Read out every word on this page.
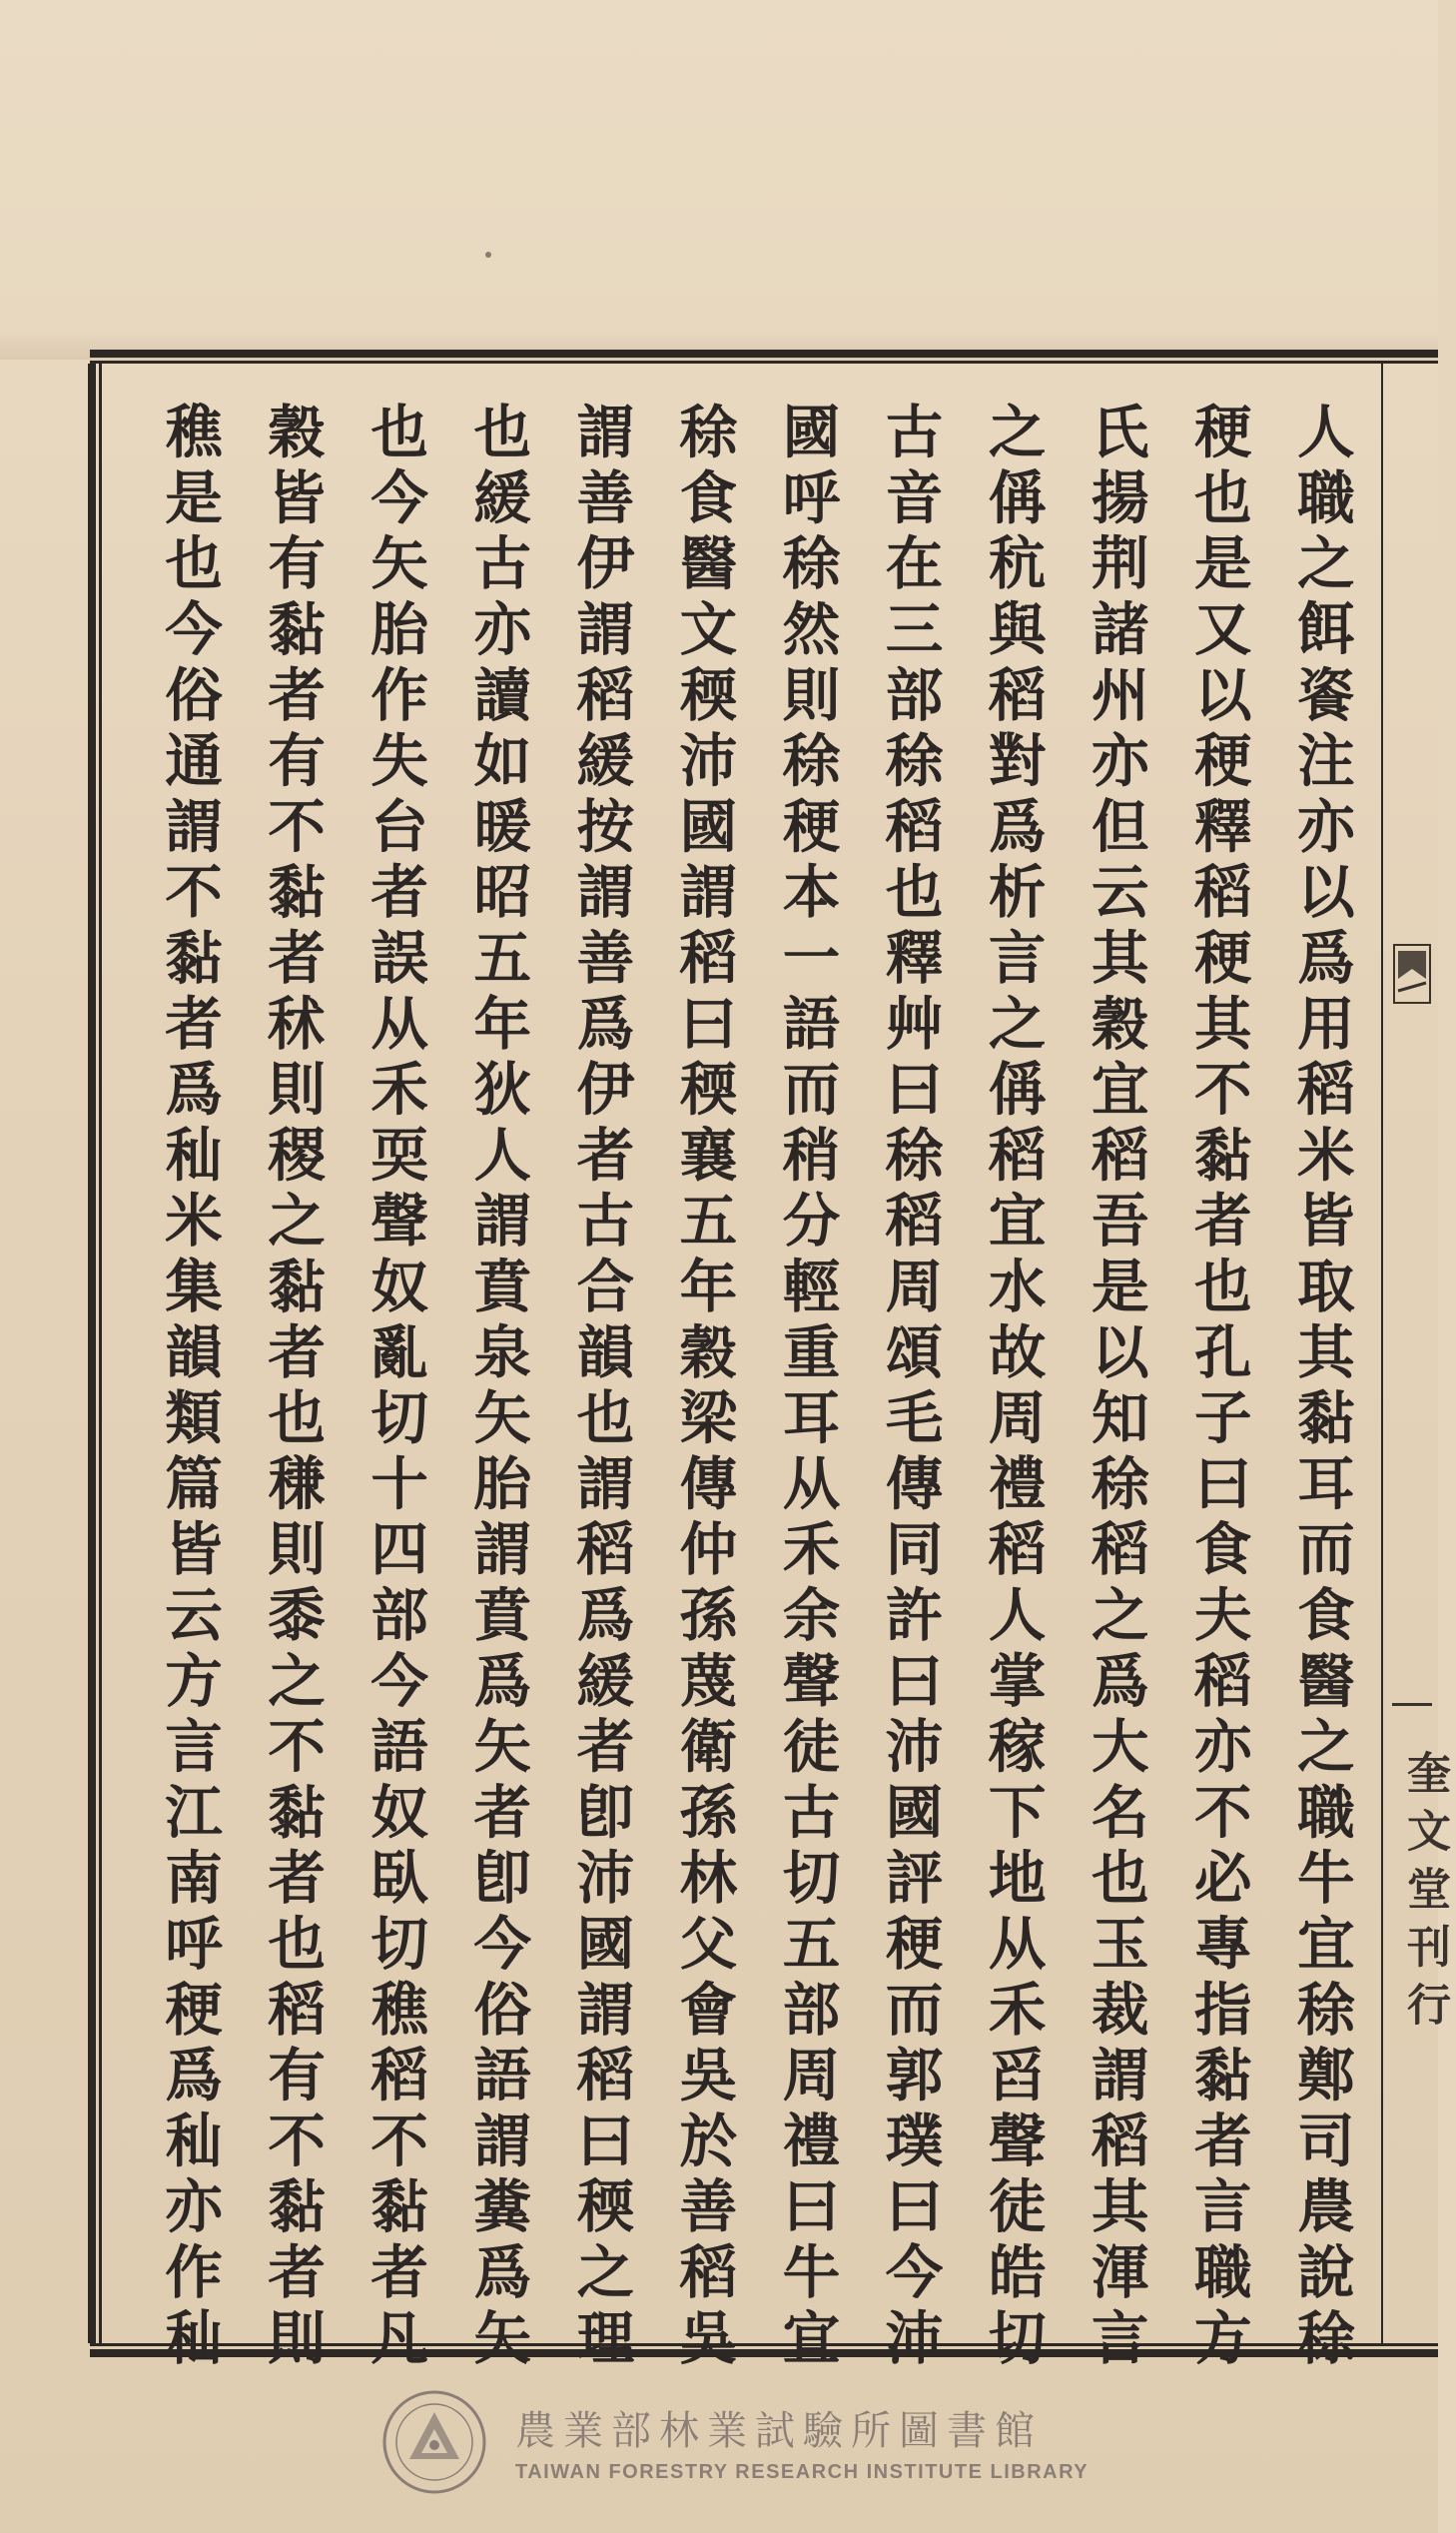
人職之餌餈注亦以爲用稻米皆取其黏耳而食醫之職牛宜稌鄭司農說稌
稉也是又以稉釋稻稉其不黏者也孔子曰食夫稻亦不必專指黏者言職方
氏揚荆諸州亦但云其穀宜稻吾是以知稌稻之爲大名也玉裁謂稻其渾言
之偁秔與稻對爲析言之偁稻宜水故周禮稻人掌稼下地从禾舀聲徒皓切
古音在三部稌稻也釋艸曰稌稻周頌毛傳同許曰沛國評稉而郭璞曰今沛
國呼稌然則稌稉本一語而稍分輕重耳从禾余聲徒古切五部周禮曰牛宜
稌食醫文稬沛國謂稻曰稬襄五年穀梁傳仲孫蔑衛孫林父會吳於善稻吳
謂善伊謂稻緩按謂善爲伊者古合韻也謂稻爲緩者卽沛國謂稻曰稬之理
也緩古亦讀如暖昭五年狄人謂賁泉矢胎謂賁爲矢者卽今俗語謂糞爲矢
也今矢胎作失台者誤从禾耎聲奴亂切十四部今語奴臥切穛稻不黏者凡
穀皆有黏者有不黏者秫則稷之黏者也稴則黍之不黏者也稻有不黏者則
穛是也今俗通謂不黏者爲秈米集韻類篇皆云方言江南呼稉爲秈亦作秈	奎文堂刊行
農業部林業試驗所圖書館
TAIWAN FORESTRY RESEARCH INSTITUTE LIBRARY
